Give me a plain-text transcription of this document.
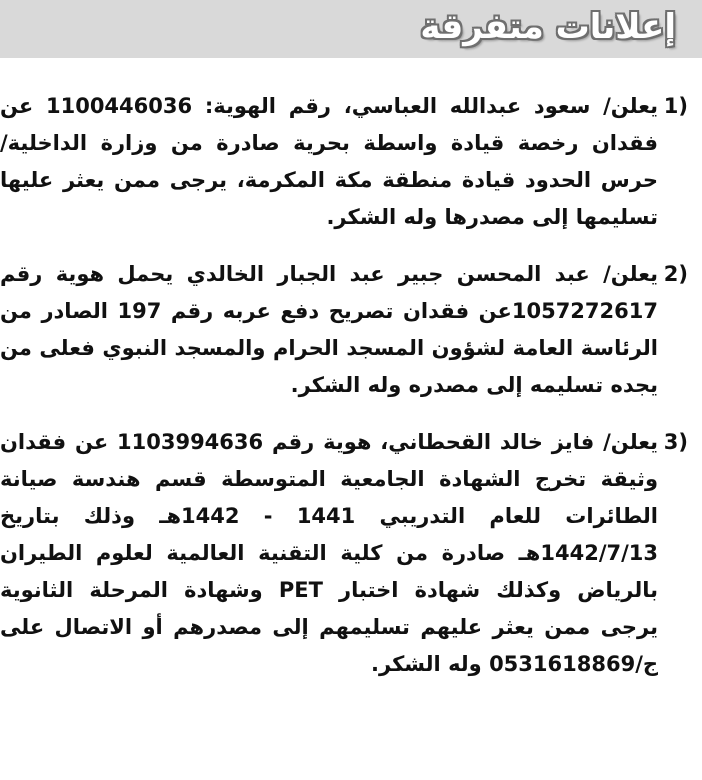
إعلانات متفرقة
1)

يعلن/ سعود عبدالله العباسي، رقم الهوية: 1100446036 عن فقدان رخصة قيادة واسطة بحرية صادرة من وزارة الداخلية/ حرس الحدود قيادة منطقة مكة المكرمة، يرجى ممن يعثر عليها تسليمها إلى مصدرها وله الشكر.

2)

يعلن/ عبد المحسن جبير عبد الجبار الخالدي يحمل هوية رقم 1057272617عن فقدان تصريح دفع عربه رقم 197 الصادر من الرئاسة العامة لشؤون المسجد الحرام والمسجد النبوي فعلى من يجده تسليمه إلى مصدره وله الشكر.

3)

يعلن/ فايز خالد القحطاني، هوية رقم 1103994636 عن فقدان وثيقة تخرج الشهادة الجامعية المتوسطة قسم هندسة صيانة الطائرات للعام التدريبي 1441 - 1442هـ وذلك بتاريخ 1442/7/13هـ صادرة من كلية التقنية العالمية لعلوم الطيران بالرياض وكذلك شهادة اختبار PET وشهادة المرحلة الثانوية يرجى ممن يعثر عليهم تسليمهم إلى مصدرهم أو الاتصال على ج/0531618869 وله الشكر.
